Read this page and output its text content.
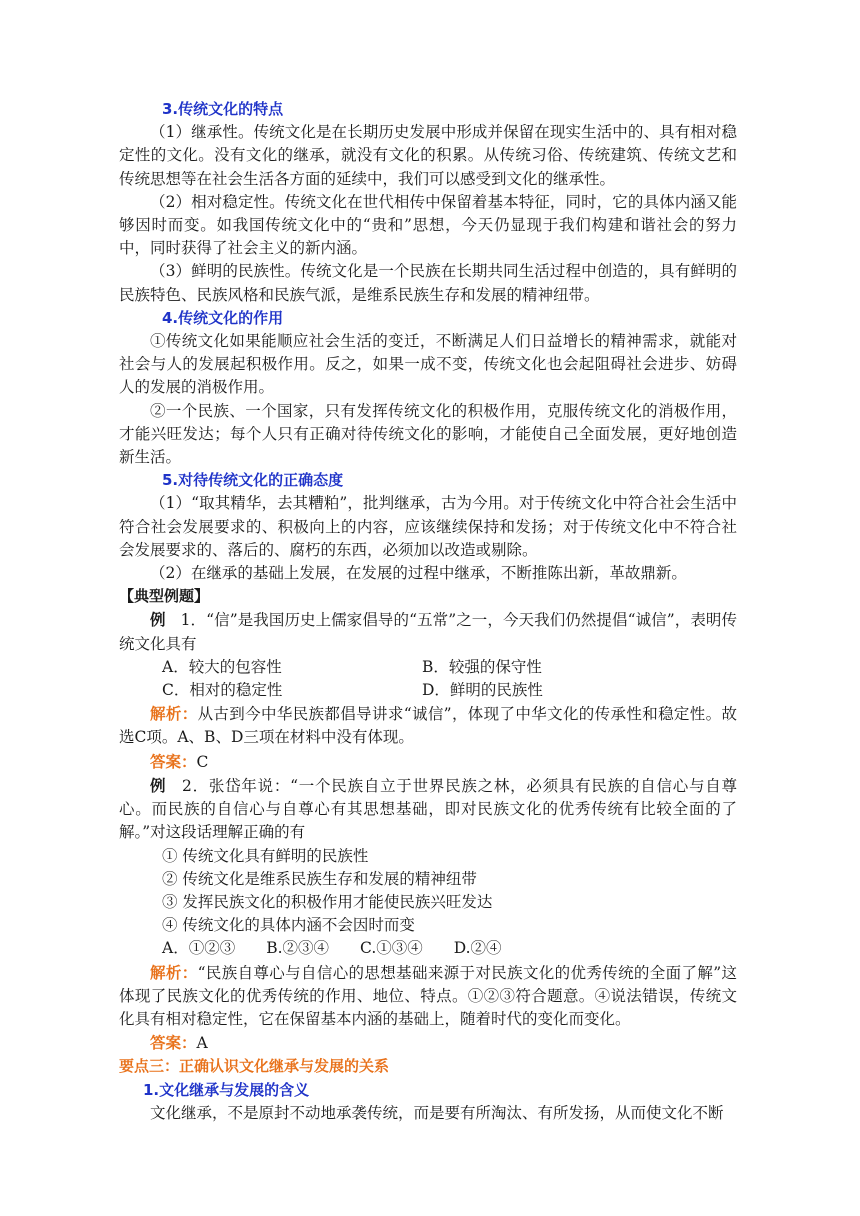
3.传统文化的特点

（1）继承性。传统文化是在长期历史发展中形成并保留在现实生活中的、具有相对稳定性的文化。没有文化的继承，就没有文化的积累。从传统习俗、传统建筑、传统文艺和传统思想等在社会生活各方面的延续中，我们可以感受到文化的继承性。

（2）相对稳定性。传统文化在世代相传中保留着基本特征，同时，它的具体内涵又能够因时而变。如我国传统文化中的“贵和”思想，今天仍显现于我们构建和谐社会的努力中，同时获得了社会主义的新内涵。

（3）鲜明的民族性。传统文化是一个民族在长期共同生活过程中创造的，具有鲜明的民族特色、民族风格和民族气派，是维系民族生存和发展的精神纽带。

4.传统文化的作用

①传统文化如果能顺应社会生活的变迁，不断满足人们日益增长的精神需求，就能对社会与人的发展起积极作用。反之，如果一成不变，传统文化也会起阻碍社会进步、妨碍人的发展的消极作用。

②一个民族、一个国家，只有发挥传统文化的积极作用，克服传统文化的消极作用，才能兴旺发达；每个人只有正确对待传统文化的影响，才能使自己全面发展，更好地创造新生活。

5.对待传统文化的正确态度

（1）“取其精华，去其糟粕”，批判继承，古为今用。对于传统文化中符合社会生活中符合社会发展要求的、积极向上的内容，应该继续保持和发扬；对于传统文化中不符合社会发展要求的、落后的、腐朽的东西，必须加以改造或剔除。

（2）在继承的基础上发展，在发展的过程中继承，不断推陈出新，革故鼎新。

【典型例题】

例 1．“信”是我国历史上儒家倡导的“五常”之一，今天我们仍然提倡“诚信”，表明传统文化具有

A．较大的包容性	B．较强的保守性
C．相对的稳定性	D．鲜明的民族性

解析：从古到今中华民族都倡导讲求“诚信”，体现了中华文化的传承性和稳定性。故选C项。A、B、D三项在材料中没有体现。

答案：C

例 2．张岱年说：“一个民族自立于世界民族之林，必须具有民族的自信心与自尊心。而民族的自信心与自尊心有其思想基础，即对民族文化的优秀传统有比较全面的了解。”对这段话理解正确的有

① 传统文化具有鲜明的民族性

② 传统文化是维系民族生存和发展的精神纽带

③ 发挥民族文化的积极作用才能使民族兴旺发达

④ 传统文化的具体内涵不会因时而变

A．①②③　　B.②③④　　C.①③④　　D.②④

解析：“民族自尊心与自信心的思想基础来源于对民族文化的优秀传统的全面了解”这体现了民族文化的优秀传统的作用、地位、特点。①②③符合题意。④说法错误，传统文化具有相对稳定性，它在保留基本内涵的基础上，随着时代的变化而变化。

答案：A

要点三：正确认识文化继承与发展的关系

1.文化继承与发展的含义

文化继承，不是原封不动地承袭传统，而是要有所淘汰、有所发扬，从而使文化不断
